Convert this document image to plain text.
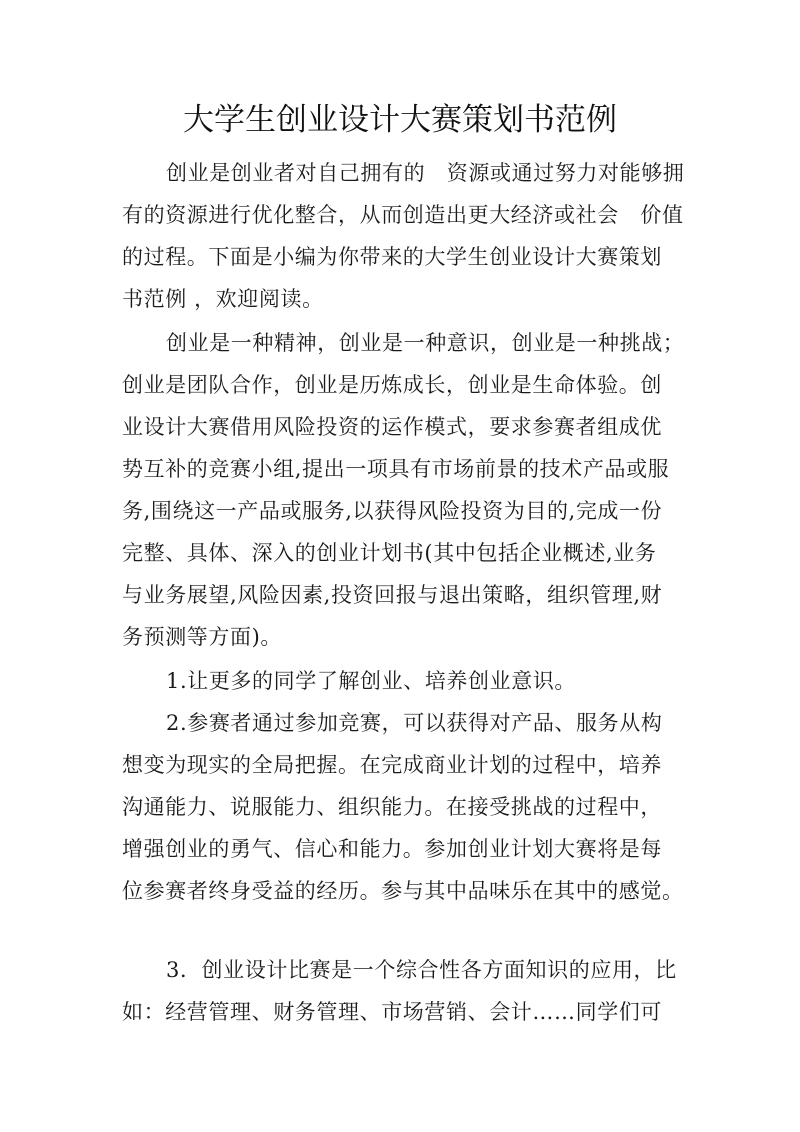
大学生创业设计大赛策划书范例
创业是创业者对自己拥有的　资源或通过努力对能够拥
有的资源进行优化整合，从而创造出更大经济或社会　价值
的过程。下面是小编为你带来的大学生创业设计大赛策划
书范例 ，欢迎阅读。
创业是一种精神，创业是一种意识，创业是一种挑战；
创业是团队合作，创业是历炼成长，创业是生命体验。创
业设计大赛借用风险投资的运作模式，要求参赛者组成优
势互补的竞赛小组,提出一项具有市场前景的技术产品或服
务,围绕这一产品或服务,以获得风险投资为目的,完成一份
完整、具体、深入的创业计划书(其中包括企业概述,业务
与业务展望,风险因素,投资回报与退出策略，组织管理,财
务预测等方面)。
1.让更多的同学了解创业、培养创业意识。
2.参赛者通过参加竞赛，可以获得对产品、服务从构
想变为现实的全局把握。在完成商业计划的过程中，培养
沟通能力、说服能力、组织能力。在接受挑战的过程中，
增强创业的勇气、信心和能力。参加创业计划大赛将是每
位参赛者终身受益的经历。参与其中品味乐在其中的感觉。
3．创业设计比赛是一个综合性各方面知识的应用，比
如：经营管理、财务管理、市场营销、会计……同学们可
